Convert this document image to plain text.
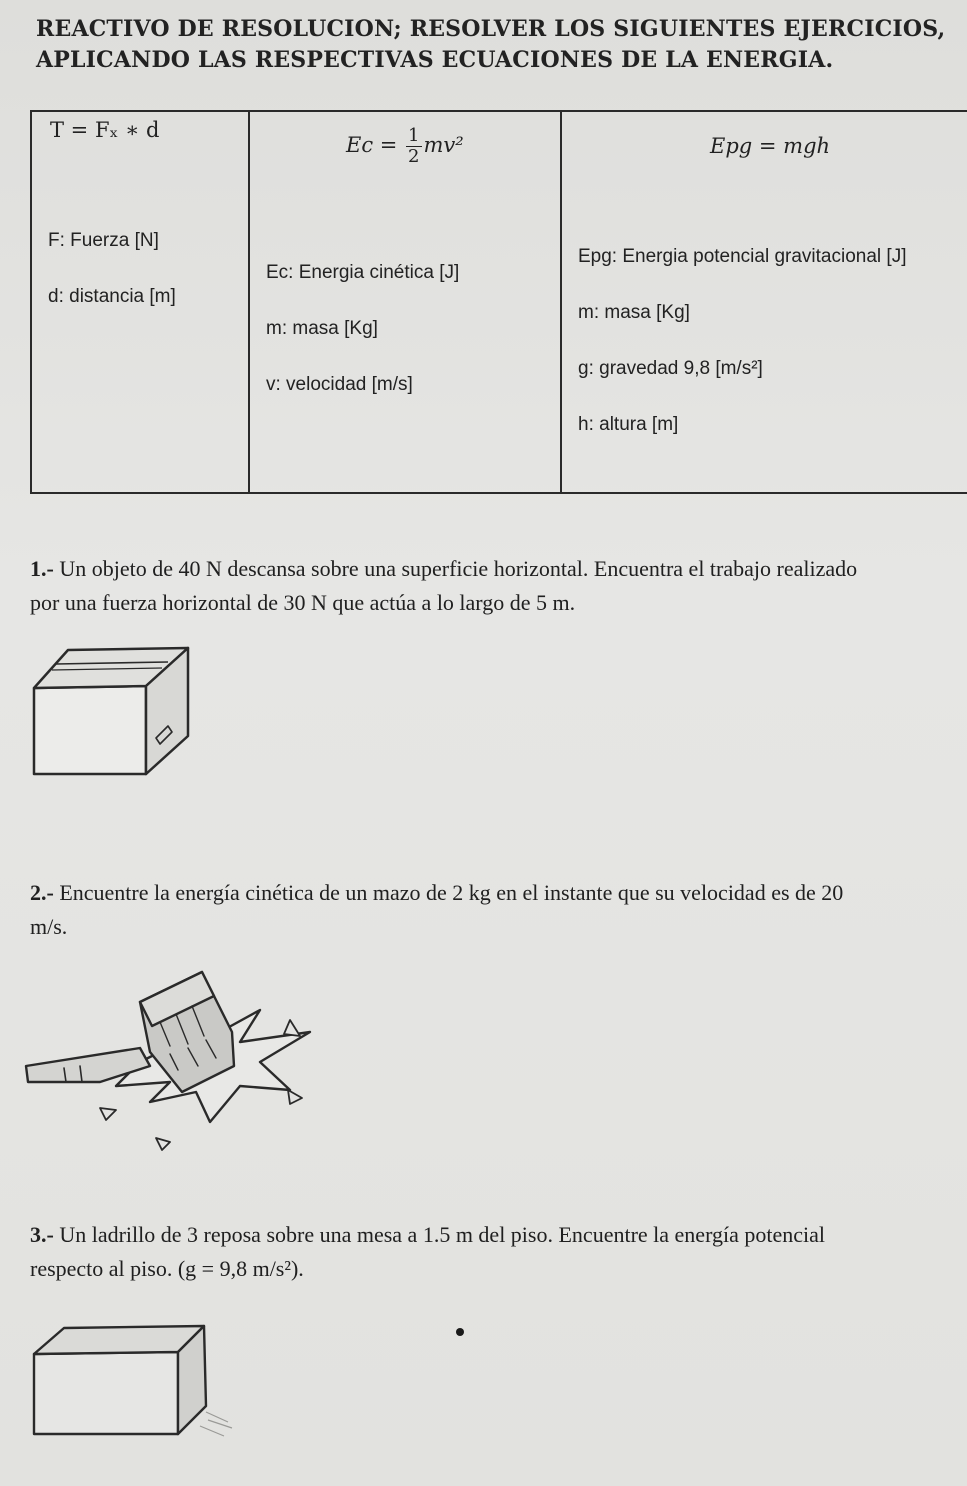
REACTIVO DE RESOLUCION; RESOLVER LOS SIGUIENTES EJERCICIOS,
APLICANDO LAS RESPECTIVAS ECUACIONES DE LA ENERGIA.
T = Fₓ ∗ d
F: Fuerza [N]
d: distancia [m]
$Ec = \frac{1}{2} mv^2$
Ec: Energia cinética [J]
m: masa [Kg]
v: velocidad [m/s]
Epg = mgh
Epg: Energia potencial gravitacional [J]
m: masa [Kg]
g: gravedad 9,8 [m/s²]
h: altura [m]
1.- Un objeto de 40 N descansa sobre una superficie horizontal. Encuentra el trabajo realizado
por una fuerza horizontal de 30 N que actúa a lo largo de 5 m.
2.- Encuentre la energía cinética de un mazo de 2 kg en el instante que su velocidad es de 20
m/s.
3.- Un ladrillo de 3 reposa sobre una mesa a 1.5 m del piso. Encuentre la energía potencial
respecto al piso. (g = 9,8 m/s²).
